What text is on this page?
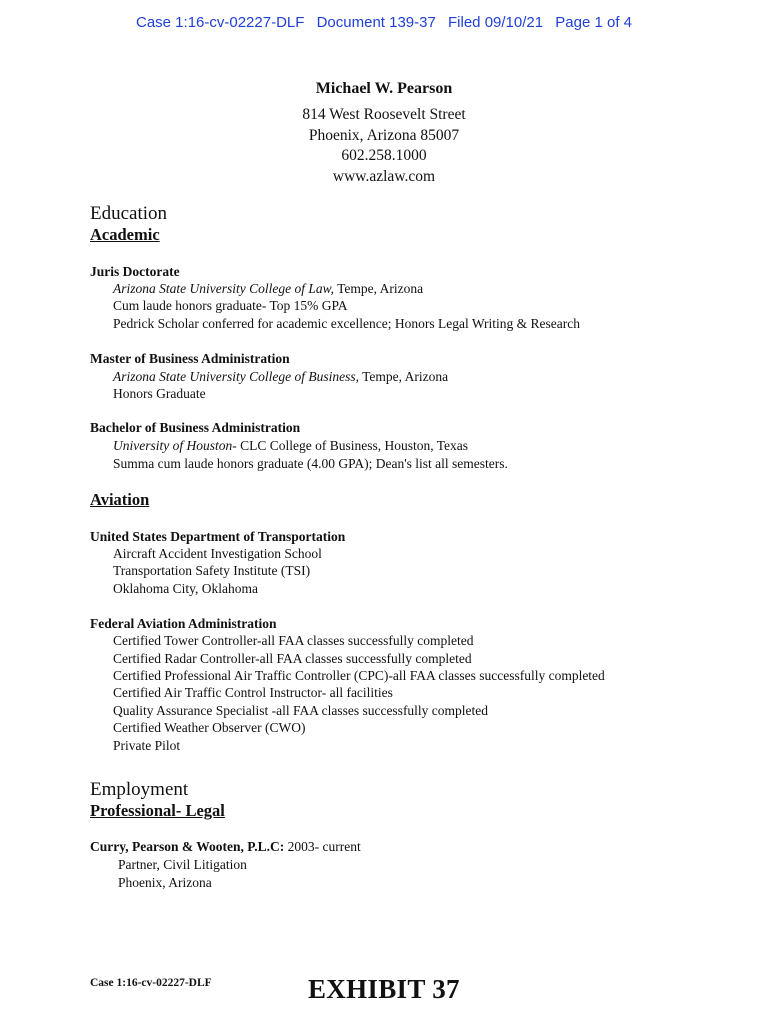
Case 1:16-cv-02227-DLF Document 139-37 Filed 09/10/21 Page 1 of 4
Michael W. Pearson
814 West Roosevelt Street
Phoenix, Arizona 85007
602.258.1000
www.azlaw.com
Education
Academic
Juris Doctorate
Arizona State University College of Law, Tempe, Arizona
Cum laude honors graduate- Top 15% GPA
Pedrick Scholar conferred for academic excellence; Honors Legal Writing & Research
Master of Business Administration
Arizona State University College of Business, Tempe, Arizona
Honors Graduate
Bachelor of Business Administration
University of Houston- CLC College of Business, Houston, Texas
Summa cum laude honors graduate (4.00 GPA); Dean's list all semesters.
Aviation
United States Department of Transportation
Aircraft Accident Investigation School
Transportation Safety Institute (TSI)
Oklahoma City, Oklahoma
Federal Aviation Administration
Certified Tower Controller-all FAA classes successfully completed
Certified Radar Controller-all FAA classes successfully completed
Certified Professional Air Traffic Controller (CPC)-all FAA classes successfully completed
Certified Air Traffic Control Instructor- all facilities
Quality Assurance Specialist -all FAA classes successfully completed
Certified Weather Observer (CWO)
Private Pilot
Employment
Professional- Legal
Curry, Pearson & Wooten, P.L.C: 2003- current
Partner, Civil Litigation
Phoenix, Arizona
Case 1:16-cv-02227-DLF	EXHIBIT 37
